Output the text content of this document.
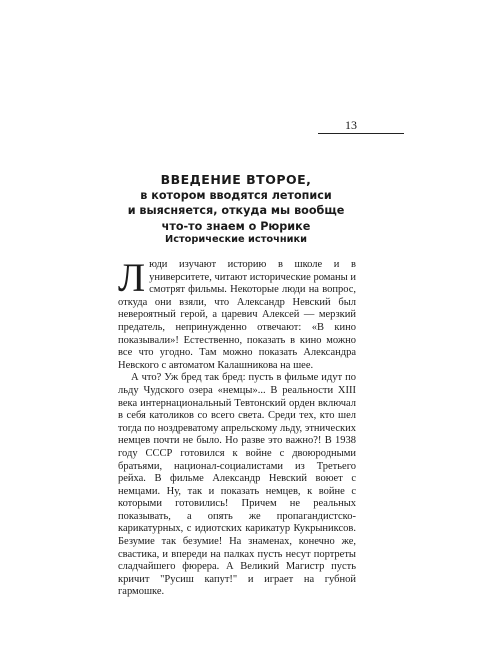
13
ВВЕДЕНИЕ ВТОРОЕ,
в котором вводятся летописи
и выясняется, откуда мы вообще
что-то знаем о Рюрике
Исторические источники

Люди изучают историю в школе и в университете, читают исторические романы и смотрят фильмы. Некоторые люди на вопрос, откуда они взяли, что Александр Невский был невероятный герой, а царевич Алексей — мерзкий предатель, непринужденно отвечают: «В кино показывали»! Естественно, показать в кино можно все что угодно. Там можно показать Александра Невского с автоматом Калашникова на шее.

А что? Уж бред так бред: пусть в фильме идут по льду Чудского озера «немцы»... В реальности XIII века интернациональный Тевтонский орден включал в себя католиков со всего света. Среди тех, кто шел тогда по ноздреватому апрельскому льду, этнических немцев почти не было. Но разве это важно?! В 1938 году СССР готовился к войне с двоюродными братьями, национал-социалистами из Третьего рейха. В фильме Александр Невский воюет с немцами. Ну, так и показать немцев, к войне с которыми готовились! Причем не реальных показывать, а опять же пропагандистско-карикатурных, с идиотских карикатур Кукрыниксов. Безумие так безумие! На знаменах, конечно же, свастика, и впереди на палках пусть несут портреты сладчайшего фюрера. А Великий Магистр пусть кричит "Русиш капут!" и играет на губной гармошке.
